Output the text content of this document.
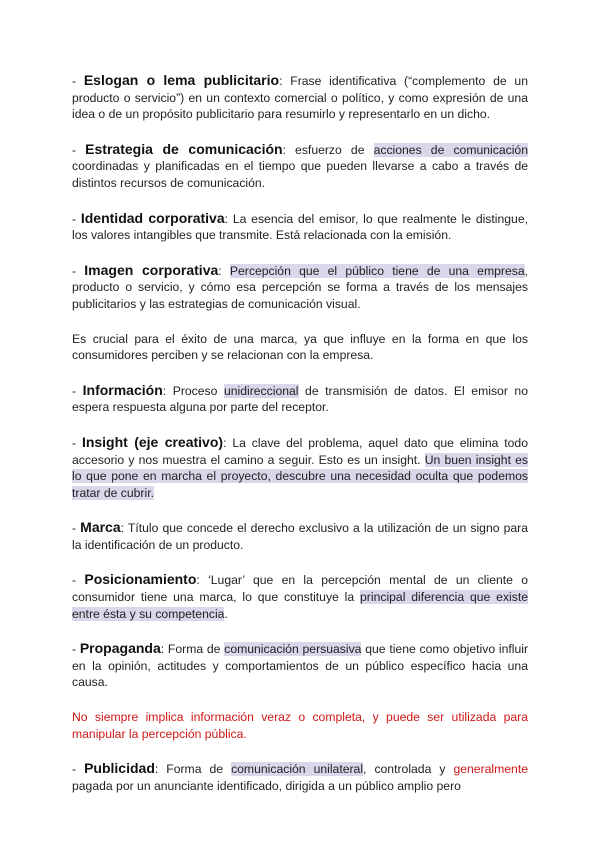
- Eslogan o lema publicitario: Frase identificativa (“complemento de un producto o servicio”) en un contexto comercial o político, y como expresión de una idea o de un propósito publicitario para resumirlo y representarlo en un dicho.

- Estrategia de comunicación: esfuerzo de acciones de comunicación coordinadas y planificadas en el tiempo que pueden llevarse a cabo a través de distintos recursos de comunicación.

- Identidad corporativa: La esencia del emisor, lo que realmente le distingue, los valores intangibles que transmite. Está relacionada con la emisión.

- Imagen corporativa: Percepción que el público tiene de una empresa, producto o servicio, y cómo esa percepción se forma a través de los mensajes publicitarios y las estrategias de comunicación visual.

Es crucial para el éxito de una marca, ya que influye en la forma en que los consumidores perciben y se relacionan con la empresa.

- Información: Proceso unidireccional de transmisión de datos. El emisor no espera respuesta alguna por parte del receptor.

- Insight (eje creativo): La clave del problema, aquel dato que elimina todo accesorio y nos muestra el camino a seguir. Esto es un insight. Un buen insight es lo que pone en marcha el proyecto, descubre una necesidad oculta que podemos tratar de cubrir.

- Marca: Título que concede el derecho exclusivo a la utilización de un signo para la identificación de un producto.

- Posicionamiento: ‘Lugar’ que en la percepción mental de un cliente o consumidor tiene una marca, lo que constituye la principal diferencia que existe entre ésta y su competencia.

- Propaganda: Forma de comunicación persuasiva que tiene como objetivo influir en la opinión, actitudes y comportamientos de un público específico hacia una causa.

No siempre implica información veraz o completa, y puede ser utilizada para manipular la percepción pública.

- Publicidad: Forma de comunicación unilateral, controlada y generalmente pagada por un anunciante identificado, dirigida a un público amplio pero
